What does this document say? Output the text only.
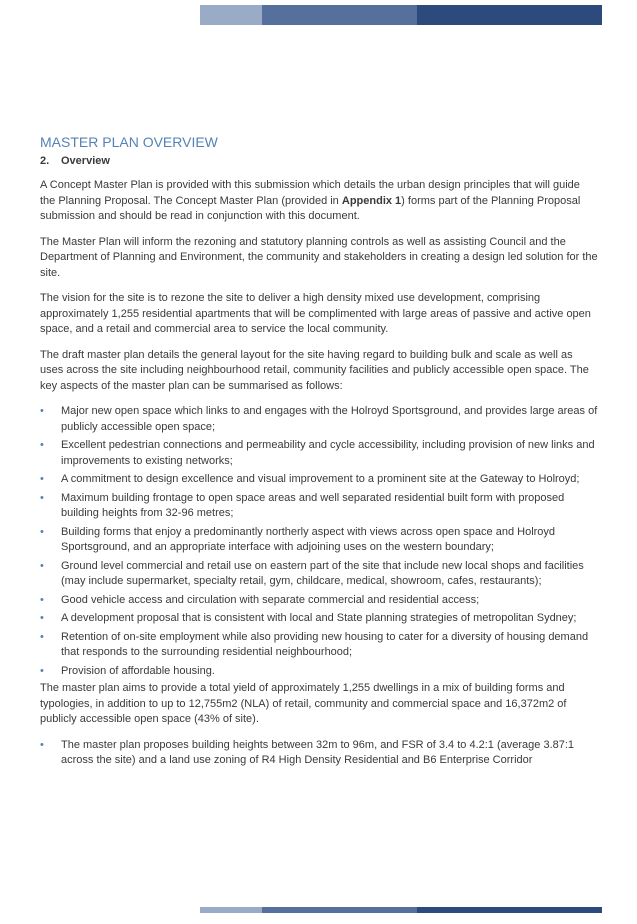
MASTER PLAN OVERVIEW
2. Overview

A Concept Master Plan is provided with this submission which details the urban design principles that will guide the Planning Proposal. The Concept Master Plan (provided in Appendix 1) forms part of the Planning Proposal submission and should be read in conjunction with this document.

The Master Plan will inform the rezoning and statutory planning controls as well as assisting Council and the Department of Planning and Environment, the community and stakeholders in creating a design led solution for the site.

The vision for the site is to rezone the site to deliver a high density mixed use development, comprising approximately 1,255 residential apartments that will be complimented with large areas of passive and active open space, and a retail and commercial area to service the local community.

The draft master plan details the general layout for the site having regard to building bulk and scale as well as uses across the site including neighbourhood retail, community facilities and publicly accessible open space. The key aspects of the master plan can be summarised as follows:

• Major new open space which links to and engages with the Holroyd Sportsground, and provides large areas of publicly accessible open space;
• Excellent pedestrian connections and permeability and cycle accessibility, including provision of new links and improvements to existing networks;
• A commitment to design excellence and visual improvement to a prominent site at the Gateway to Holroyd;
• Maximum building frontage to open space areas and well separated residential built form with proposed building heights from 32-96 metres;
• Building forms that enjoy a predominantly northerly aspect with views across open space and Holroyd Sportsground, and an appropriate interface with adjoining uses on the western boundary;
• Ground level commercial and retail use on eastern part of the site that include new local shops and facilities (may include supermarket, specialty retail, gym, childcare, medical, showroom, cafes, restaurants);
• Good vehicle access and circulation with separate commercial and residential access;
• A development proposal that is consistent with local and State planning strategies of metropolitan Sydney;
• Retention of on-site employment while also providing new housing to cater for a diversity of housing demand that responds to the surrounding residential neighbourhood;
• Provision of affordable housing.

The master plan aims to provide a total yield of approximately 1,255 dwellings in a mix of building forms and typologies, in addition to up to 12,755m2 (NLA) of retail, community and commercial space and 16,372m2 of publicly accessible open space (43% of site).

• The master plan proposes building heights between 32m to 96m, and FSR of 3.4 to 4.2:1 (average 3.87:1 across the site) and a land use zoning of R4 High Density Residential and B6 Enterprise Corridor
